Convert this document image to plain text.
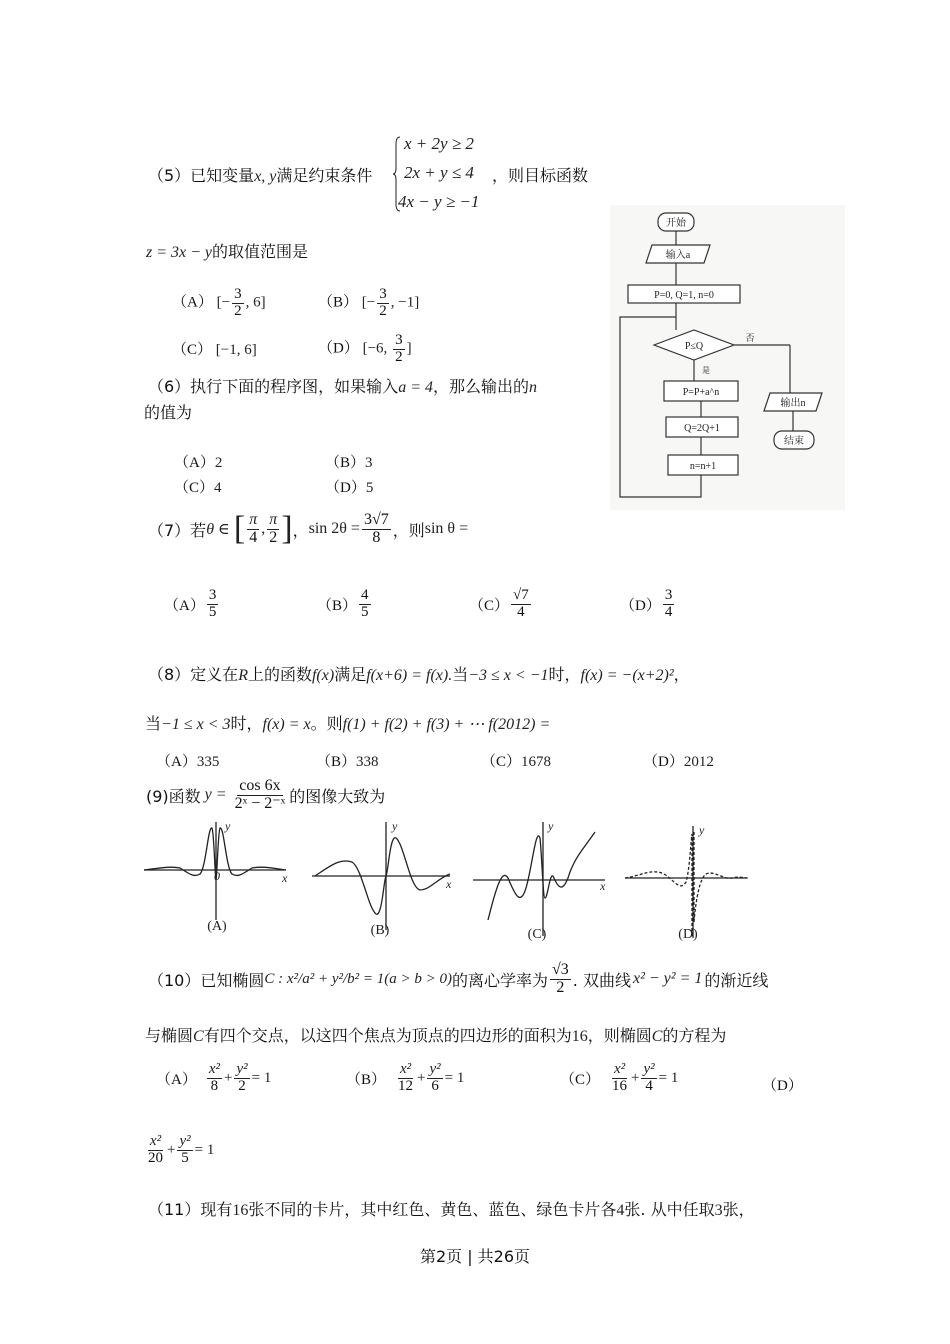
（5）已知变量x, y满足约束条件
x + 2y ≥ 2
2x + y ≤ 4
4x − y ≥ −1
，则目标函数
z = 3x − y的取值范围是
（A） [− $\frac{3}{2}$ , 6]	（B） [− $\frac{3}{2}$ , −1]
（C） [−1, 6]	（D） [−6, $\frac{3}{2}$ ]
开始
输入a
P=0, Q=1, n=0
P≤Q
是
否
P=P+a^n
Q=2Q+1
n=n+1
输出n
结束
（6）执行下面的程序图，如果输入a = 4，那么输出的n
的值为
（A）2	（B）3
（C）4	（D）5
（7）若 θ ∈ [ $\frac{\pi}{4}$ , $\frac{\pi}{2}$ ] ， $\sin 2\theta = \frac{3√7}{8}$ ，则 sin θ =
$(A) \frac{3}{5}$	$(B) \frac{4}{5}$	$(C) \frac{√7}{4}$	$(D) \frac{3}{4}$
（8）定义在R上的函数f(x)满足f(x+6) = f(x).当−3 ≤ x < −1时，f(x) = −(x+2)²，
当−1 ≤ x < 3时，f(x) = x。则f(1) + f(2) + f(3) + ⋯ f(2012) =
（A）335	（B）338	（C）1678	（D）2012
(9)函数 $y = \frac{\cos 6x}{\text{2ˣ − 2⁻ˣ}}$ 的图像大致为
y
x
0
y
x
y
x
y
(A)	(B)	(C)	(D)
（10）已知椭圆 C : x²/a² + y²/b² = 1(a > b > 0) 的离心学率为 $\frac{√3}{2}$ . 双曲线 x² − y² = 1 的渐近线
与椭圆C有四个交点，以这四个焦点为顶点的四边形的面积为16，则椭圆C的方程为
$(A) \frac{\text{x²}}{8} + \frac{\text{y²}}{2} = 1$	$(B) \frac{\text{x²}}{12} + \frac{\text{y²}}{6} = 1$	$(C) \frac{\text{x²}}{16} + \frac{\text{y²}}{4} = 1$
（D）
$\frac{\text{x²}}{20} + \frac{\text{y²}}{5} = 1$
（11）现有16张不同的卡片，其中红色、黄色、蓝色、绿色卡片各4张. 从中任取3张，
第2页 | 共26页
